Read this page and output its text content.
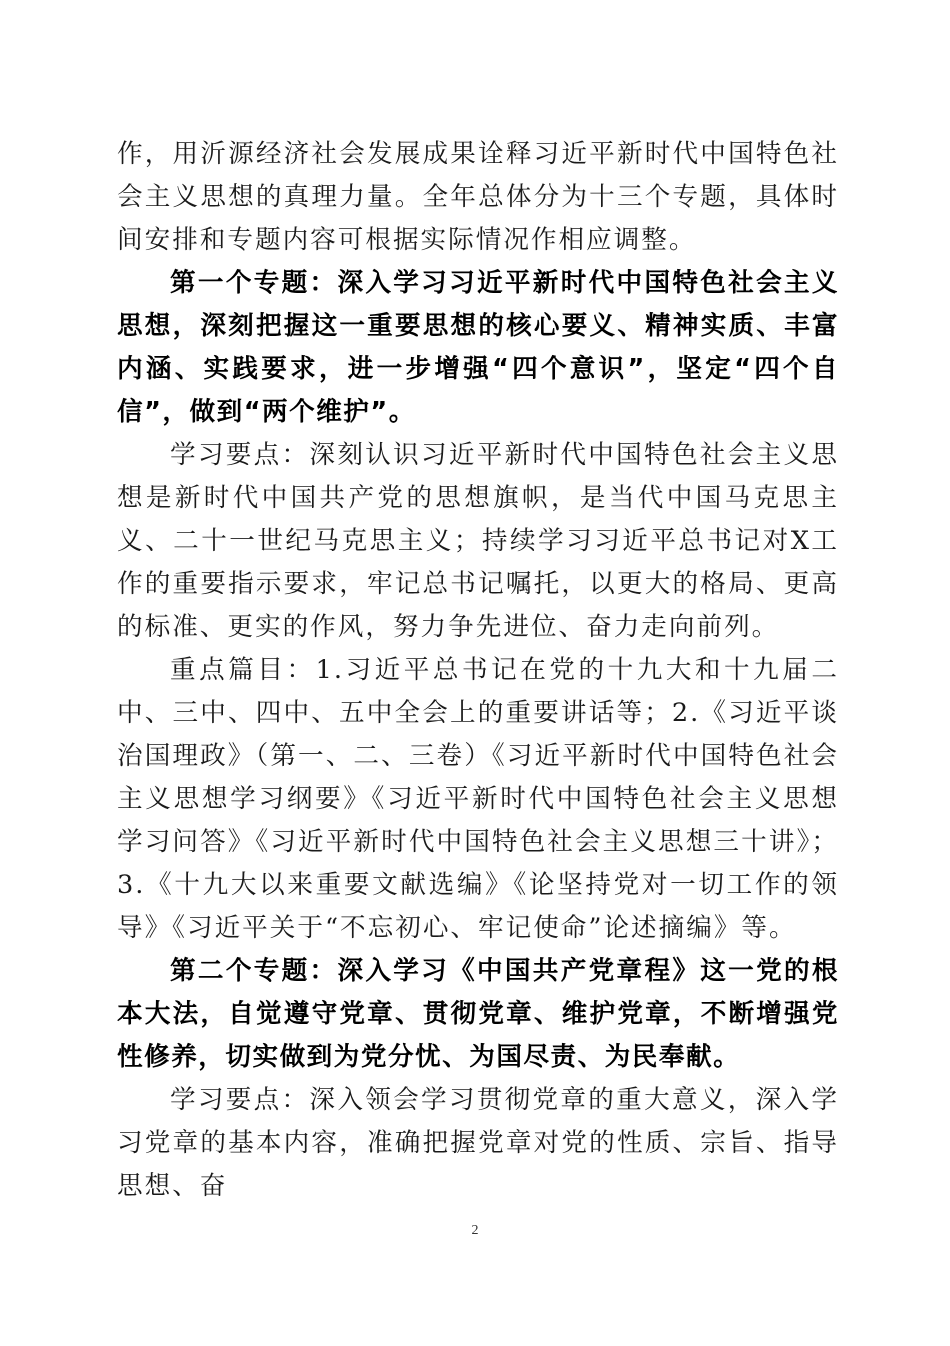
作，用沂源经济社会发展成果诠释习近平新时代中国特色社会主义思想的真理力量。全年总体分为十三个专题，具体时间安排和专题内容可根据实际情况作相应调整。

第一个专题：深入学习习近平新时代中国特色社会主义思想，深刻把握这一重要思想的核心要义、精神实质、丰富内涵、实践要求，进一步增强“四个意识”，坚定“四个自信”，做到“两个维护”。

学习要点：深刻认识习近平新时代中国特色社会主义思想是新时代中国共产党的思想旗帜，是当代中国马克思主义、二十一世纪马克思主义；持续学习习近平总书记对X工作的重要指示要求，牢记总书记嘱托，以更大的格局、更高的标准、更实的作风，努力争先进位、奋力走向前列。

重点篇目：1.习近平总书记在党的十九大和十九届二中、三中、四中、五中全会上的重要讲话等；2.《习近平谈治国理政》（第一、二、三卷）《习近平新时代中国特色社会主义思想学习纲要》《习近平新时代中国特色社会主义思想学习问答》《习近平新时代中国特色社会主义思想三十讲》；3.《十九大以来重要文献选编》《论坚持党对一切工作的领导》《习近平关于“不忘初心、牢记使命”论述摘编》等。

第二个专题：深入学习《中国共产党章程》这一党的根本大法，自觉遵守党章、贯彻党章、维护党章，不断增强党性修养，切实做到为党分忧、为国尽责、为民奉献。

学习要点：深入领会学习贯彻党章的重大意义，深入学习党章的基本内容，准确把握党章对党的性质、宗旨、指导思想、奋

2
